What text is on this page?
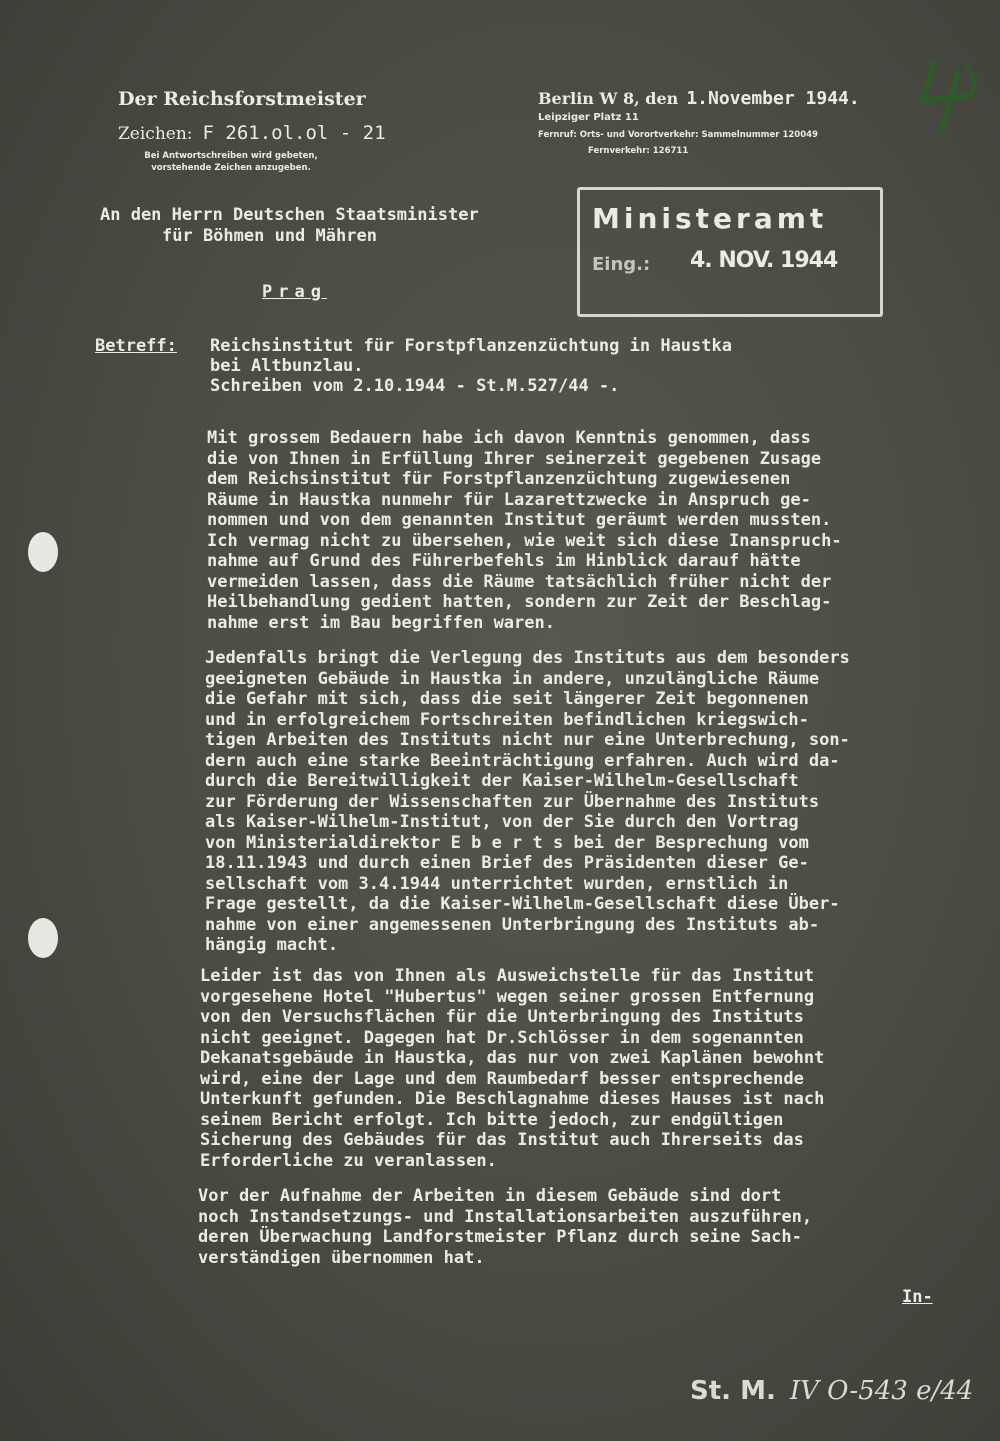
Der Reichsforstmeister
Zeichen: F 261.ol.ol - 21
Bei Antwortschreiben wird gebeten,
vorstehende Zeichen anzugeben.
Berlin W 8, den 1.November 1944.
Leipziger Platz 11
Fernruf: Orts- und Vorortverkehr: Sammelnummer 120049
Fernverkehr: 126711
An den Herrn Deutschen Staatsminister
für Böhmen und Mähren
Prag
Ministeramt
Eing.: 4. NOV. 1944
Betreff: Reichsinstitut für Forstpflanzenzüchtung in Haustka
bei Altbunzlau.
Schreiben vom 2.10.1944 - St.M.527/44 -.
Mit grossem Bedauern habe ich davon Kenntnis genommen, dass
die von Ihnen in Erfüllung Ihrer seinerzeit gegebenen Zusage
dem Reichsinstitut für Forstpflanzenzüchtung zugewiesenen
Räume in Haustka nunmehr für Lazarettzwecke in Anspruch ge-
nommen und von dem genannten Institut geräumt werden mussten.
Ich vermag nicht zu übersehen, wie weit sich diese Inanspruch-
nahme auf Grund des Führerbefehls im Hinblick darauf hätte
vermeiden lassen, dass die Räume tatsächlich früher nicht der
Heilbehandlung gedient hatten, sondern zur Zeit der Beschlag-
nahme erst im Bau begriffen waren.
Jedenfalls bringt die Verlegung des Instituts aus dem besonders
geeigneten Gebäude in Haustka in andere, unzulängliche Räume
die Gefahr mit sich, dass die seit längerer Zeit begonnenen
und in erfolgreichem Fortschreiten befindlichen kriegswich-
tigen Arbeiten des Instituts nicht nur eine Unterbrechung, son-
dern auch eine starke Beeinträchtigung erfahren. Auch wird da-
durch die Bereitwilligkeit der Kaiser-Wilhelm-Gesellschaft
zur Förderung der Wissenschaften zur Übernahme des Instituts
als Kaiser-Wilhelm-Institut, von der Sie durch den Vortrag
von Ministerialdirektor E b e r t s bei der Besprechung vom
18.11.1943 und durch einen Brief des Präsidenten dieser Ge-
sellschaft vom 3.4.1944 unterrichtet wurden, ernstlich in
Frage gestellt, da die Kaiser-Wilhelm-Gesellschaft diese Über-
nahme von einer angemessenen Unterbringung des Instituts ab-
hängig macht.
Leider ist das von Ihnen als Ausweichstelle für das Institut
vorgesehene Hotel "Hubertus" wegen seiner grossen Entfernung
von den Versuchsflächen für die Unterbringung des Instituts
nicht geeignet. Dagegen hat Dr.Schlösser in dem sogenannten
Dekanatsgebäude in Haustka, das nur von zwei Kaplänen bewohnt
wird, eine der Lage und dem Raumbedarf besser entsprechende
Unterkunft gefunden. Die Beschlagnahme dieses Hauses ist nach
seinem Bericht erfolgt. Ich bitte jedoch, zur endgültigen
Sicherung des Gebäudes für das Institut auch Ihrerseits das
Erforderliche zu veranlassen.
Vor der Aufnahme der Arbeiten in diesem Gebäude sind dort
noch Instandsetzungs- und Installationsarbeiten auszuführen,
deren Überwachung Landforstmeister Pflanz durch seine Sach-
verständigen übernommen hat.
In-
St. M. IV O-543 e/44
